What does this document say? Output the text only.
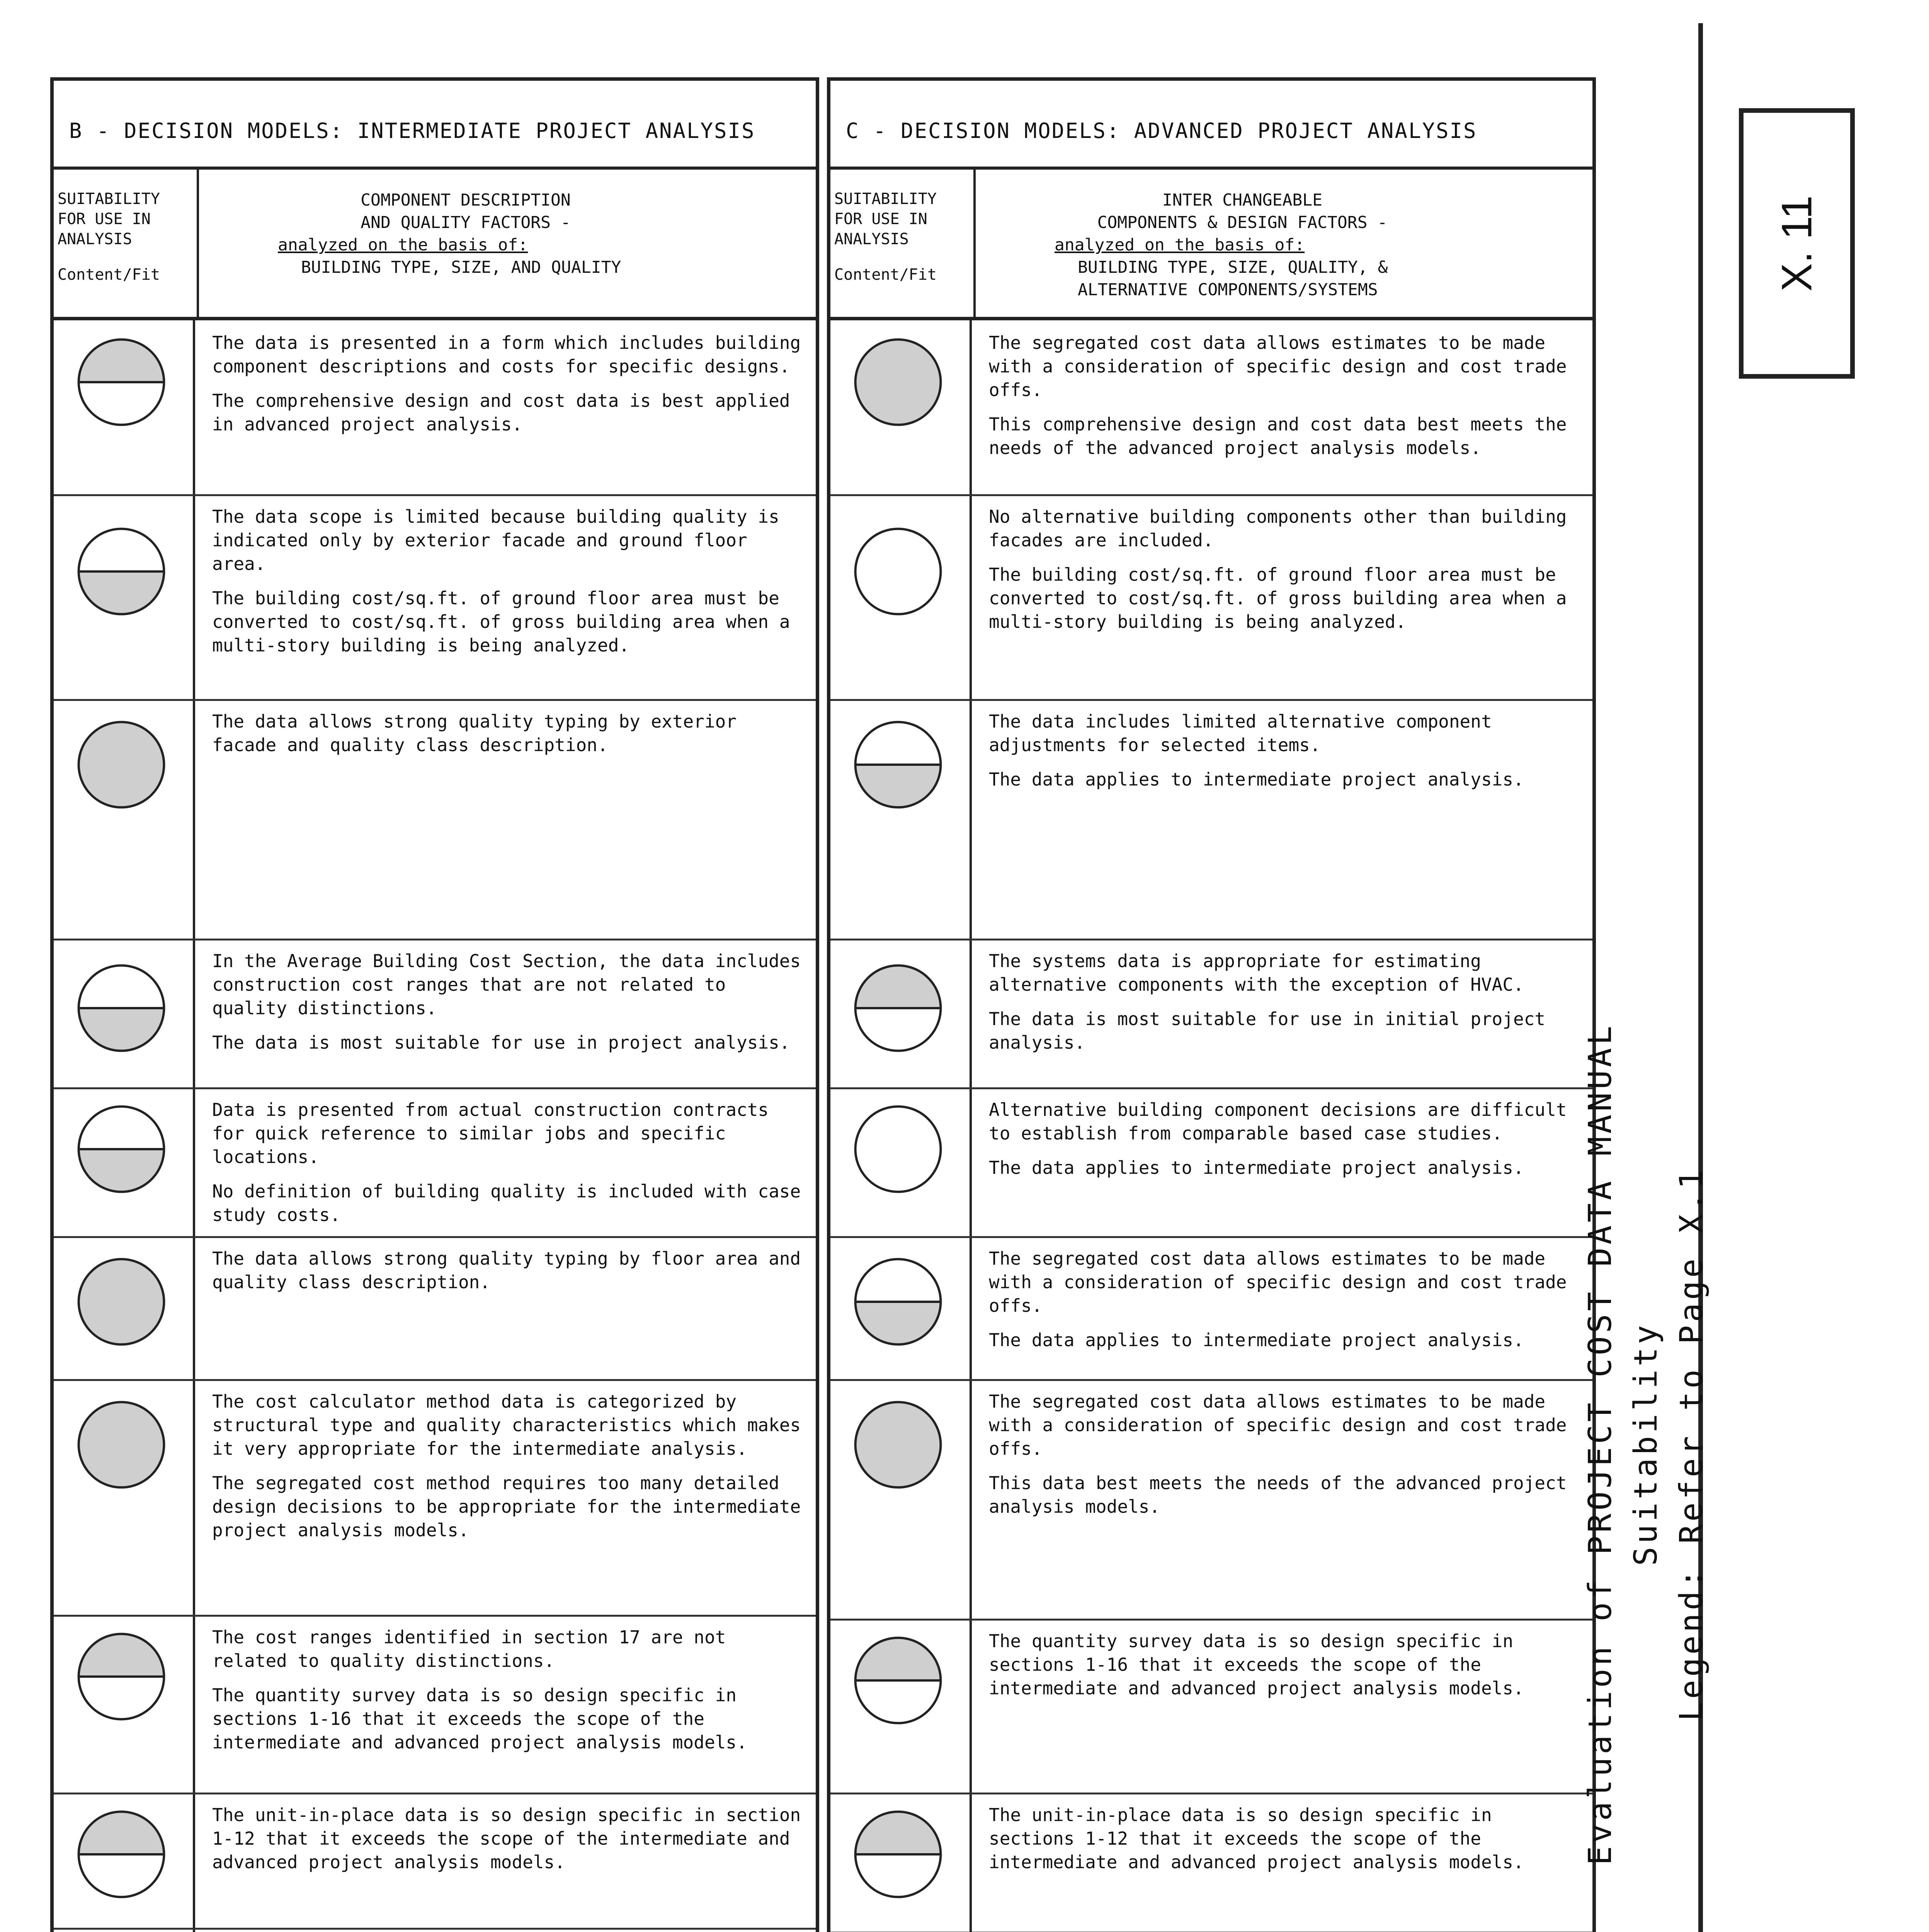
B - DECISION MODELS: INTERMEDIATE PROJECT ANALYSIS
SUITABILITY
FOR USE IN
ANALYSIS
Content/Fit
COMPONENT DESCRIPTION
AND QUALITY FACTORS -
analyzed on the basis of:
BUILDING TYPE, SIZE, AND QUALITY

The data is presented in a form which includes building component descriptions and costs for specific designs.

The comprehensive design and cost data is best applied in advanced project analysis.

The data scope is limited because building quality is indicated only by exterior facade and ground floor area.

The building cost/sq.ft. of ground floor area must be converted to cost/sq.ft. of gross building area when a multi-story building is being analyzed.

The data allows strong quality typing by exterior facade and quality class description.

In the Average Building Cost Section, the data includes construction cost ranges that are not related to quality distinctions.

The data is most suitable for use in project analysis.

Data is presented from actual construction contracts for quick reference to similar jobs and specific locations.

No definition of building quality is included with case study costs.

The data allows strong quality typing by floor area and quality class description.

The cost calculator method data is categorized by structural type and quality characteristics which makes it very appropriate for the intermediate analysis.

The segregated cost method requires too many detailed design decisions to be appropriate for the intermediate project analysis models.

The cost ranges identified in section 17 are not related to quality distinctions.

The quantity survey data is so design specific in sections 1-16 that it exceeds the scope of the intermediate and advanced project analysis models.

The unit-in-place data is so design specific in section 1-12 that it exceeds the scope of the intermediate and advanced project analysis models.

C - DECISION MODELS: ADVANCED PROJECT ANALYSIS
SUITABILITY
FOR USE IN
ANALYSIS
Content/Fit
INTER CHANGEABLE
COMPONENTS & DESIGN FACTORS -
analyzed on the basis of:
BUILDING TYPE, SIZE, QUALITY, &
ALTERNATIVE COMPONENTS/SYSTEMS

The segregated cost data allows estimates to be made with a consideration of specific design and cost trade offs.

This comprehensive design and cost data best meets the needs of the advanced project analysis models.

No alternative building components other than building facades are included.

The building cost/sq.ft. of ground floor area must be converted to cost/sq.ft. of gross building area when a multi-story building is being analyzed.

The data includes limited alternative component adjustments for selected items.

The data applies to intermediate project analysis.

The systems data is appropriate for estimating alternative components with the exception of HVAC.

The data is most suitable for use in initial project analysis.

Alternative building component decisions are difficult to establish from comparable based case studies.

The data applies to intermediate project analysis.

The segregated cost data allows estimates to be made with a consideration of specific design and cost trade offs.

The data applies to intermediate project analysis.

The segregated cost data allows estimates to be made with a consideration of specific design and cost trade offs.

This data best meets the needs of the advanced project analysis models.

The quantity survey data is so design specific in sections 1-16 that it exceeds the scope of the intermediate and advanced project analysis models.

The unit-in-place data is so design specific in sections 1-12 that it exceeds the scope of the intermediate and advanced project analysis models.

X. 11
Evaluation of PROJECT COST DATA MANUAL Suitability Legend: Refer to Page X.1
